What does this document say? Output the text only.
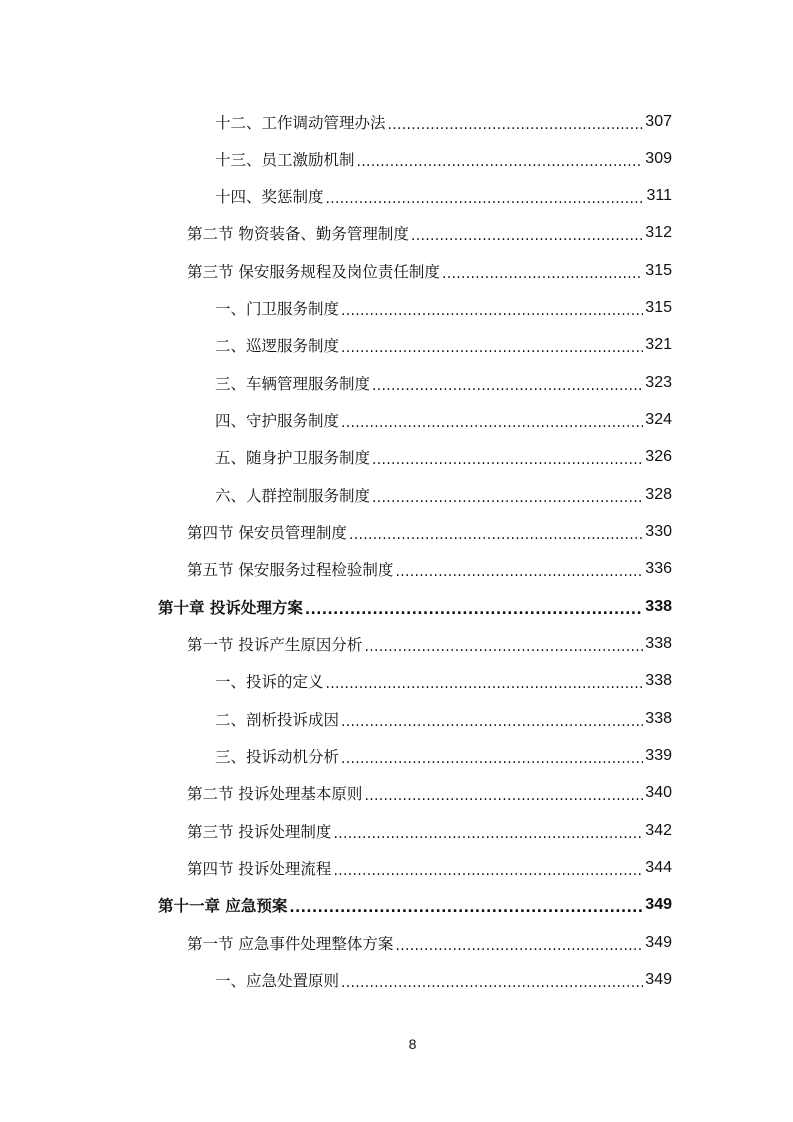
十二、工作调动管理办法 .....	307
十三、员工激励机制 .....	309
十四、奖惩制度 .....	311
第二节 物资装备、勤务管理制度 .....	312
第三节 保安服务规程及岗位责任制度 .....	315
一、门卫服务制度 .....	315
二、巡逻服务制度 .....	321
三、车辆管理服务制度 .....	323
四、守护服务制度 .....	324
五、随身护卫服务制度 .....	326
六、人群控制服务制度 .....	328
第四节 保安员管理制度 .....	330
第五节 保安服务过程检验制度 .....	336
第十章 投诉处理方案 .....	338
第一节 投诉产生原因分析 .....	338
一、投诉的定义 .....	338
二、剖析投诉成因 .....	338
三、投诉动机分析 .....	339
第二节 投诉处理基本原则 .....	340
第三节 投诉处理制度 .....	342
第四节 投诉处理流程 .....	344
第十一章 应急预案 .....	349
第一节 应急事件处理整体方案 .....	349
一、应急处置原则 .....	349
8
